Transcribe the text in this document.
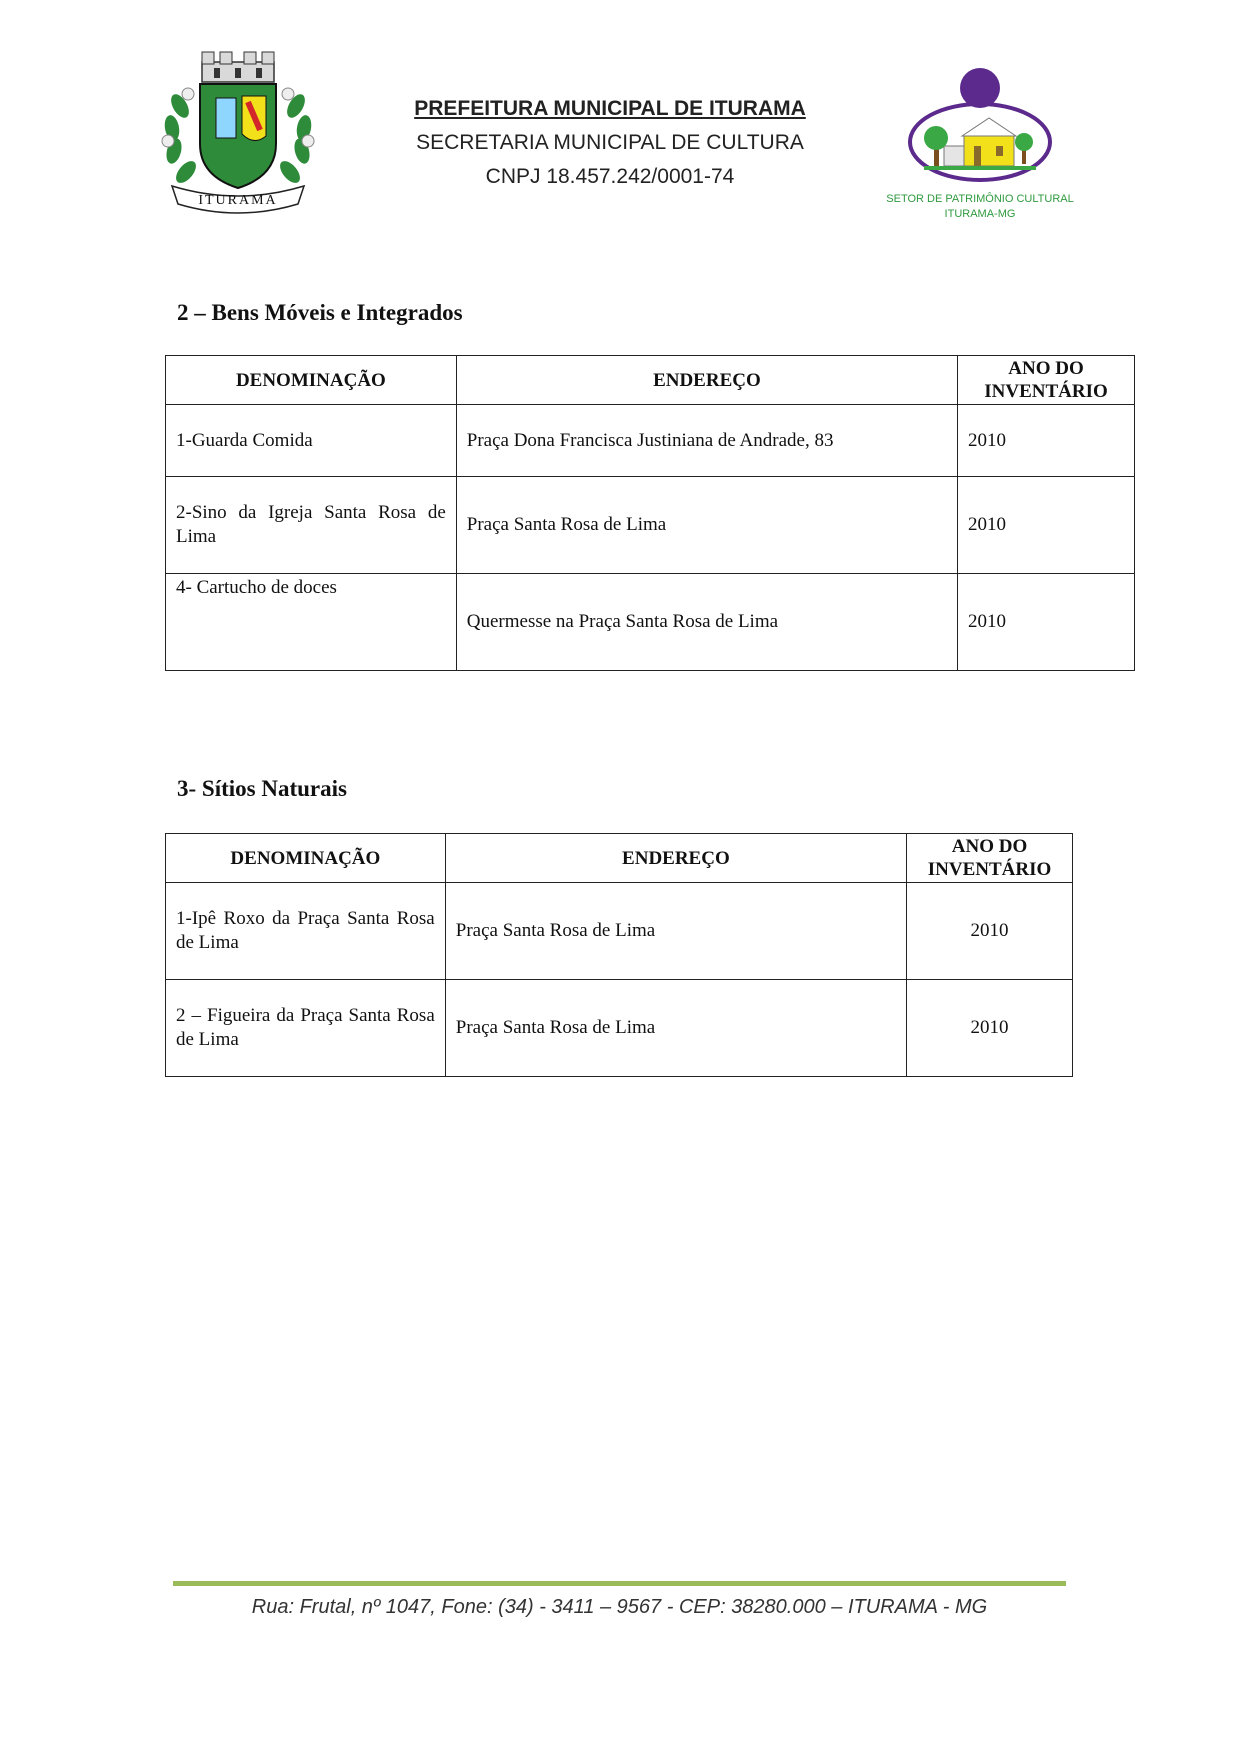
ITURAMA
PREFEITURA MUNICIPAL DE ITURAMA
SECRETARIA MUNICIPAL DE CULTURA
CNPJ 18.457.242/0001-74
SETOR DE PATRIMÔNIO CULTURAL
ITURAMA-MG
2 – Bens Móveis e Integrados
DENOMINAÇÃO	ENDEREÇO	ANO DO INVENTÁRIO
1-Guarda Comida	Praça Dona Francisca Justiniana de Andrade, 83	2010
2-Sino da Igreja Santa Rosa de Lima	Praça Santa Rosa de Lima	2010
4- Cartucho de doces	Quermesse na Praça Santa Rosa de Lima	2010
3- Sítios Naturais
DENOMINAÇÃO	ENDEREÇO	ANO DO INVENTÁRIO
1-Ipê Roxo da Praça Santa Rosa de Lima	Praça Santa Rosa de Lima	2010
2 – Figueira da Praça Santa Rosa de Lima	Praça Santa Rosa de Lima	2010
Rua: Frutal, nº 1047, Fone: (34) - 3411 – 9567 - CEP: 38280.000 – ITURAMA - MG
